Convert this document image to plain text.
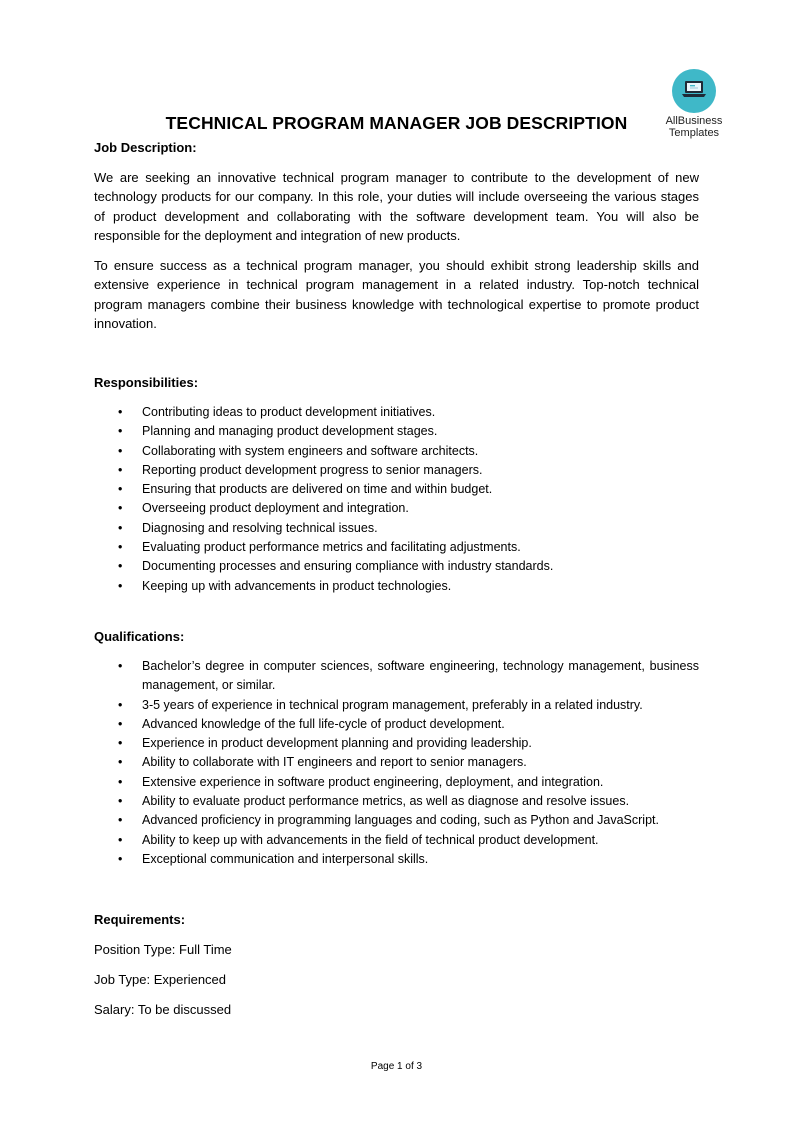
AllBusiness
Templates
TECHNICAL PROGRAM MANAGER JOB DESCRIPTION

Job Description:

We are seeking an innovative technical program manager to contribute to the development of new technology products for our company. In this role, your duties will include overseeing the various stages of product development and collaborating with the software development team. You will also be responsible for the deployment and integration of new products.

To ensure success as a technical program manager, you should exhibit strong leadership skills and extensive experience in technical program management in a related industry. Top-notch technical program managers combine their business knowledge with technological expertise to promote product innovation.

Responsibilities:

• Contributing ideas to product development initiatives.
• Planning and managing product development stages.
• Collaborating with system engineers and software architects.
• Reporting product development progress to senior managers.
• Ensuring that products are delivered on time and within budget.
• Overseeing product deployment and integration.
• Diagnosing and resolving technical issues.
• Evaluating product performance metrics and facilitating adjustments.
• Documenting processes and ensuring compliance with industry standards.
• Keeping up with advancements in product technologies.

Qualifications:

• Bachelor’s degree in computer sciences, software engineering, technology management, business management, or similar.
• 3-5 years of experience in technical program management, preferably in a related industry.
• Advanced knowledge of the full life-cycle of product development.
• Experience in product development planning and providing leadership.
• Ability to collaborate with IT engineers and report to senior managers.
• Extensive experience in software product engineering, deployment, and integration.
• Ability to evaluate product performance metrics, as well as diagnose and resolve issues.
• Advanced proficiency in programming languages and coding, such as Python and JavaScript.
• Ability to keep up with advancements in the field of technical product development.
• Exceptional communication and interpersonal skills.

Requirements:

Position Type: Full Time

Job Type: Experienced

Salary: To be discussed

Page 1 of 3
